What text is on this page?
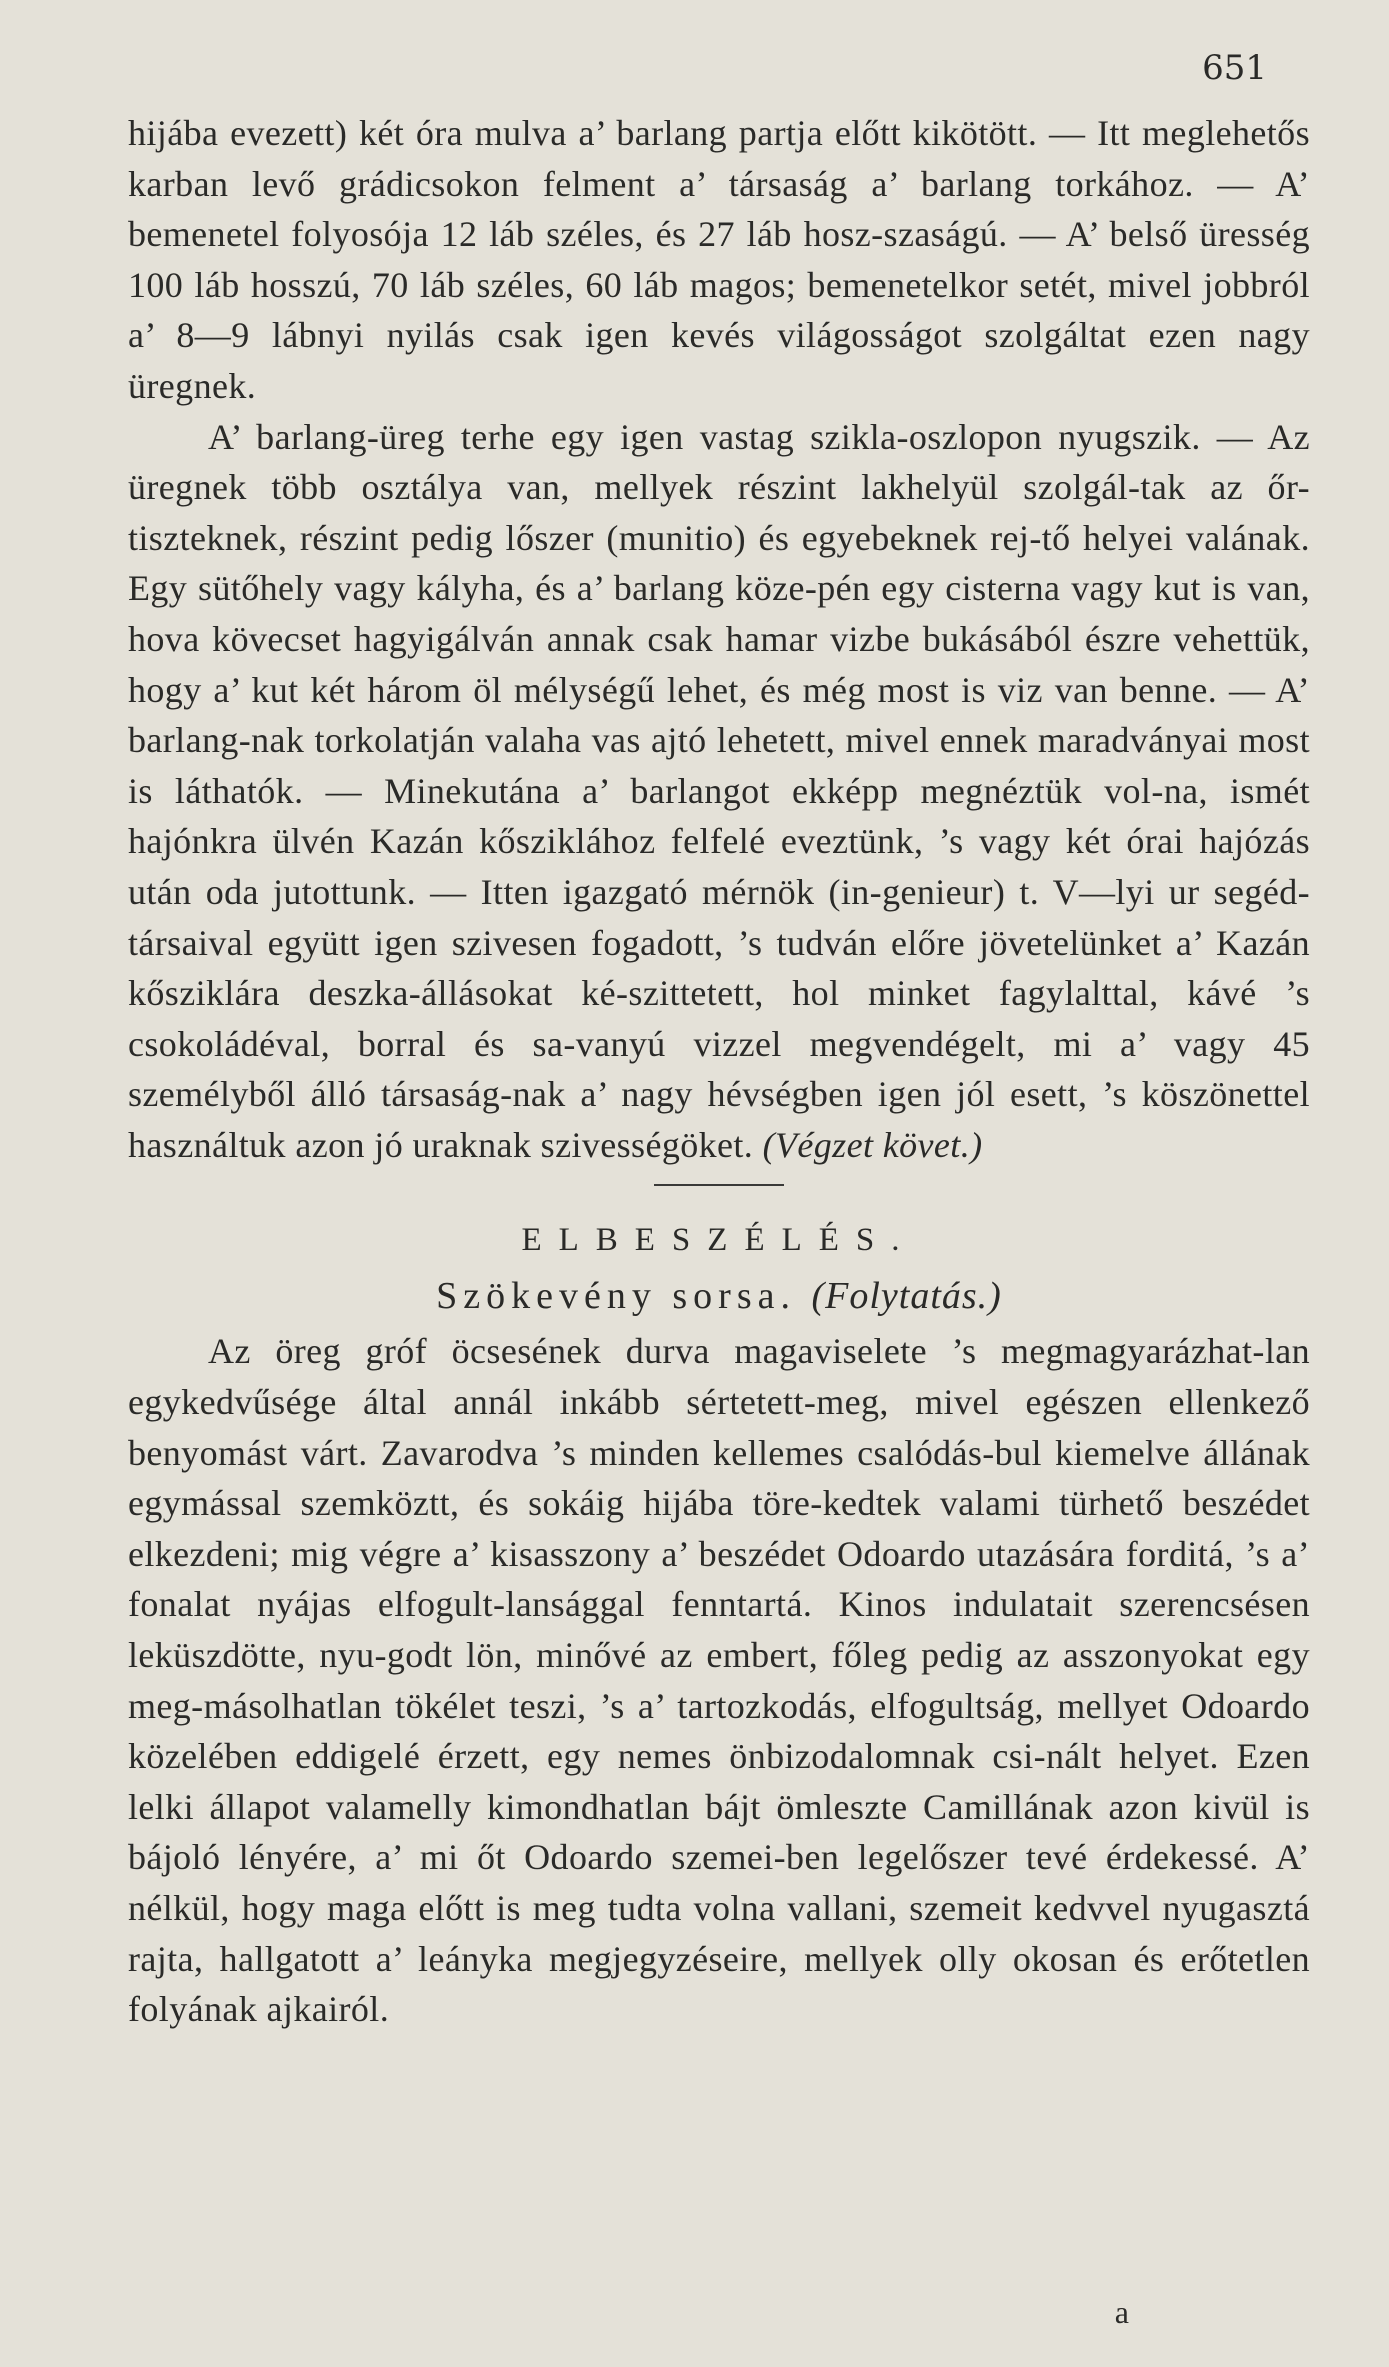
651

hijába evezett) két óra mulva a’ barlang partja előtt kikötött. — Itt meglehetős karban levő grádicsokon felment a’ társaság a’ barlang torkához. — A’ bemenetel folyosója 12 láb széles, és 27 láb hosz-szaságú. — A’ belső üresség 100 láb hosszú, 70 láb széles, 60 láb magos; bemenetelkor setét, mivel jobbról a’ 8—9 lábnyi nyilás csak igen kevés világosságot szolgáltat ezen nagy üregnek.

A’ barlang-üreg terhe egy igen vastag szikla-oszlopon nyugszik. — Az üregnek több osztálya van, mellyek részint lakhelyül szolgál-tak az őr-tiszteknek, részint pedig lőszer (munitio) és egyebeknek rej-tő helyei valának. Egy sütőhely vagy kályha, és a’ barlang köze-pén egy cisterna vagy kut is van, hova kövecset hagyigálván annak csak hamar vizbe bukásából észre vehettük, hogy a’ kut két három öl mélységű lehet, és még most is viz van benne. — A’ barlang-nak torkolatján valaha vas ajtó lehetett, mivel ennek maradványai most is láthatók. — Minekutána a’ barlangot ekképp megnéztük vol-na, ismét hajónkra ülvén Kazán kősziklához felfelé eveztünk, ’s vagy két órai hajózás után oda jutottunk. — Itten igazgató mérnök (in-genieur) t. V—lyi ur segéd-társaival együtt igen szivesen fogadott, ’s tudván előre jövetelünket a’ Kazán kősziklára deszka-állásokat ké-szittetett, hol minket fagylalttal, kávé ’s csokoládéval, borral és sa-vanyú vizzel megvendégelt, mi a’ vagy 45 személyből álló társaság-nak a’ nagy hévségben igen jól esett, ’s köszönettel használtuk azon jó uraknak szivességöket. (Végzet követ.)

ELBESZÉLÉS.
Szökevény sorsa. (Folytatás.)

Az öreg gróf öcsesének durva magaviselete ’s megmagyarázhat-lan egykedvűsége által annál inkább sértetett-meg, mivel egészen ellenkező benyomást várt. Zavarodva ’s minden kellemes csalódás-bul kiemelve állának egymással szemköztt, és sokáig hijába töre-kedtek valami türhető beszédet elkezdeni; mig végre a’ kisasszony a’ beszédet Odoardo utazására forditá, ’s a’ fonalat nyájas elfogult-lansággal fenntartá. Kinos indulatait szerencsésen leküszdötte, nyu-godt lön, minővé az embert, főleg pedig az asszonyokat egy meg-másolhatlan tökélet teszi, ’s a’ tartozkodás, elfogultság, mellyet Odoardo közelében eddigelé érzett, egy nemes önbizodalomnak csi-nált helyet. Ezen lelki állapot valamelly kimondhatlan bájt ömleszte Camillának azon kivül is bájoló lényére, a’ mi őt Odoardo szemei-ben legelőszer tevé érdekessé. A’ nélkül, hogy maga előtt is meg tudta volna vallani, szemeit kedvvel nyugasztá rajta, hallgatott a’ leányka megjegyzéseire, mellyek olly okosan és erőtetlen folyának ajkairól.

a
